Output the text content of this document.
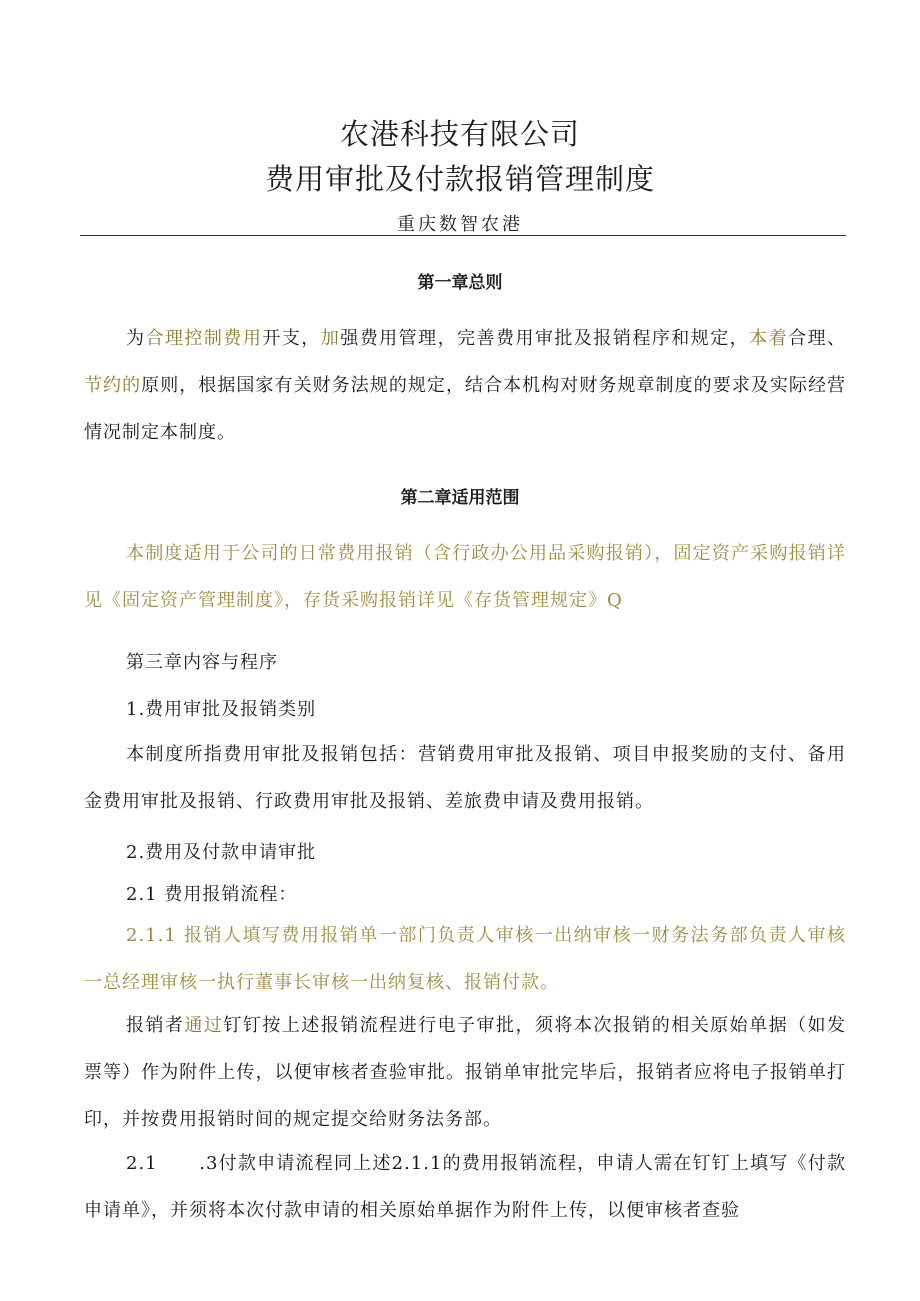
农港科技有限公司
费用审批及付款报销管理制度
重庆数智农港
第一章总则
为合理控制费用开支，加强费用管理，完善费用审批及报销程序和规定，本着合理、节约的原则，根据国家有关财务法规的规定，结合本机构对财务规章制度的要求及实际经营情况制定本制度。
第二章适用范围
本制度适用于公司的日常费用报销（含行政办公用品采购报销），固定资产采购报销详见《固定资产管理制度》，存货采购报销详见《存货管理规定》Q
第三章内容与程序
1.费用审批及报销类别
本制度所指费用审批及报销包括：营销费用审批及报销、项目申报奖励的支付、备用金费用审批及报销、行政费用审批及报销、差旅费申请及费用报销。
2.费用及付款申请审批
2.1 费用报销流程：
2.1.1 报销人填写费用报销单一部门负责人审核一出纳审核一财务法务部负责人审核一总经理审核一执行董事长审核一出纳复核、报销付款。
报销者通过钉钉按上述报销流程进行电子审批，须将本次报销的相关原始单据（如发票等）作为附件上传，以便审核者查验审批。报销单审批完毕后，报销者应将电子报销单打印，并按费用报销时间的规定提交给财务法务部。
2.1      .3付款申请流程同上述2.1.1的费用报销流程，申请人需在钉钉上填写《付款申请单》，并须将本次付款申请的相关原始单据作为附件上传，以便审核者查验
